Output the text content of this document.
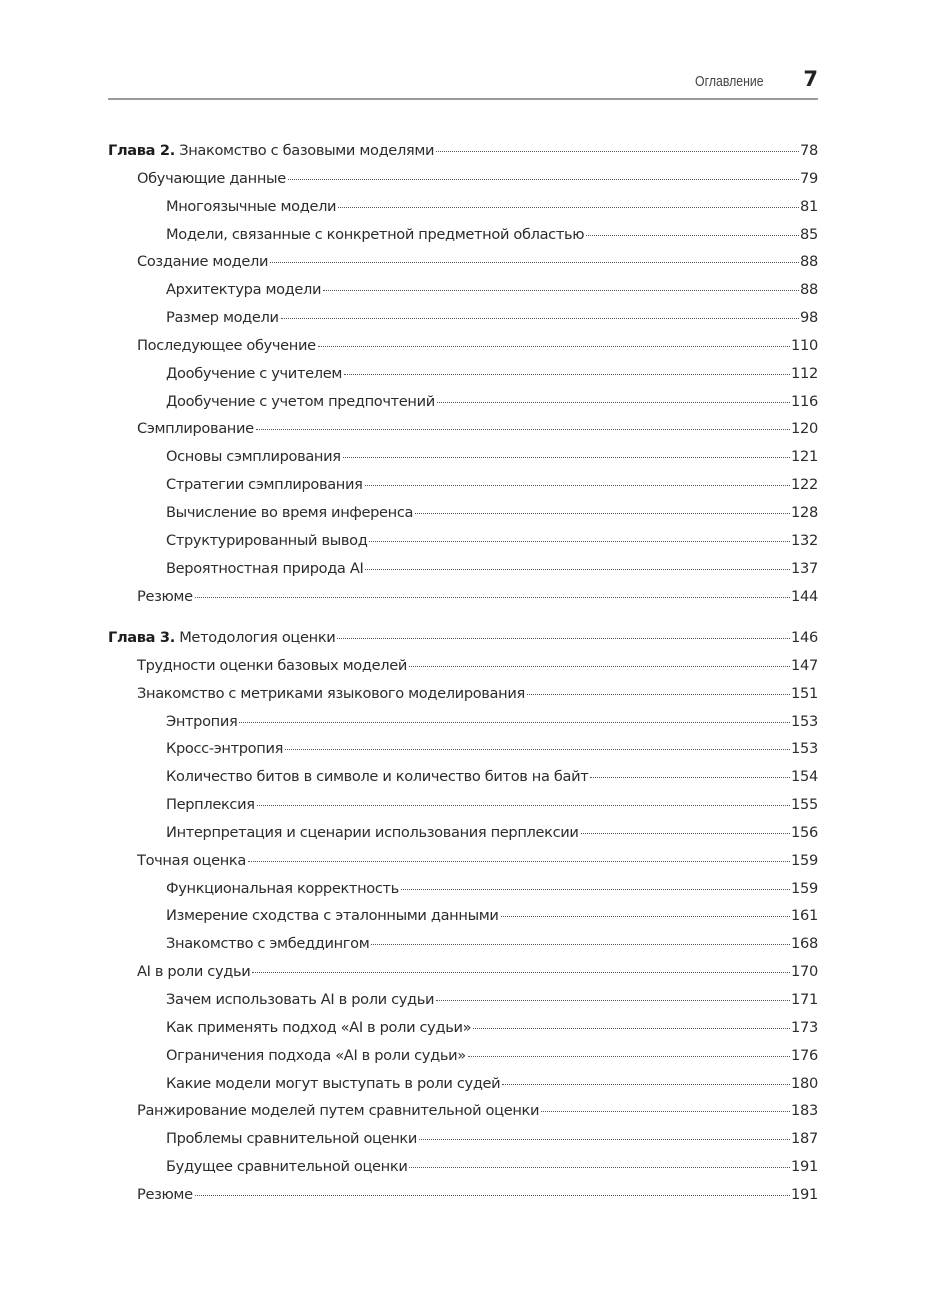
Оглавление 7
Глава 2. Знакомство с базовыми моделями	78
Обучающие данные	79
Многоязычные модели	81
Модели, связанные с конкретной предметной областью	85
Создание модели	88
Архитектура модели	88
Размер модели	98
Последующее обучение	110
Дообучение с учителем	112
Дообучение с учетом предпочтений	116
Сэмплирование	120
Основы сэмплирования	121
Стратегии сэмплирования	122
Вычисление во время инференса	128
Структурированный вывод	132
Вероятностная природа AI	137
Резюме	144
Глава 3. Методология оценки	146
Трудности оценки базовых моделей	147
Знакомство с метриками языкового моделирования	151
Энтропия	153
Кросс-энтропия	153
Количество битов в символе и количество битов на байт	154
Перплексия	155
Интерпретация и сценарии использования перплексии	156
Точная оценка	159
Функциональная корректность	159
Измерение сходства с эталонными данными	161
Знакомство с эмбеддингом	168
AI в роли судьи	170
Зачем использовать AI в роли судьи	171
Как применять подход «AI в роли судьи»	173
Ограничения подхода «AI в роли судьи»	176
Какие модели могут выступать в роли судей	180
Ранжирование моделей путем сравнительной оценки	183
Проблемы сравнительной оценки	187
Будущее сравнительной оценки	191
Резюме	191
